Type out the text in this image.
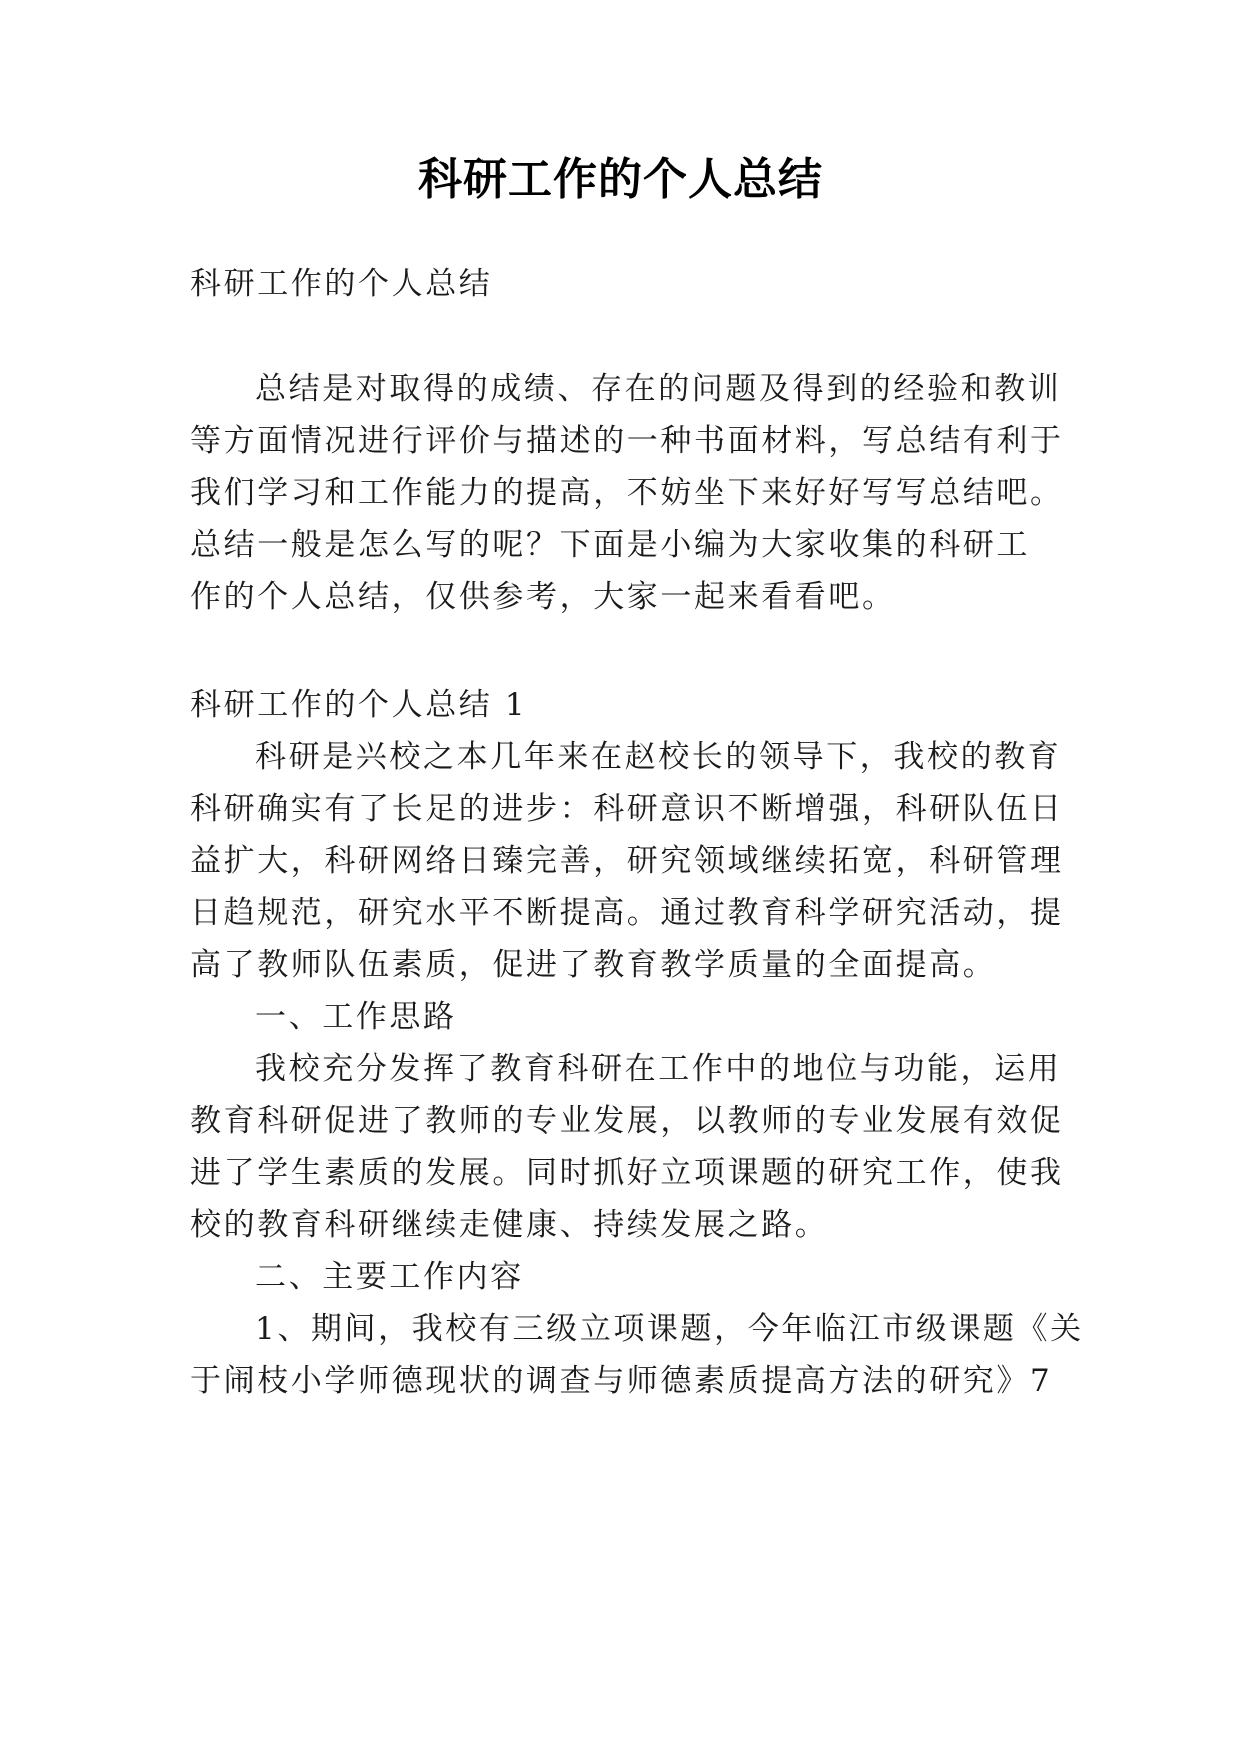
科研工作的个人总结
科研工作的个人总结
总结是对取得的成绩、存在的问题及得到的经验和教训
等方面情况进行评价与描述的一种书面材料，写总结有利于
我们学习和工作能力的提高，不妨坐下来好好写写总结吧。
总结一般是怎么写的呢？下面是小编为大家收集的科研工
作的个人总结，仅供参考，大家一起来看看吧。
科研工作的个人总结 1
科研是兴校之本几年来在赵校长的领导下，我校的教育
科研确实有了长足的进步：科研意识不断增强，科研队伍日
益扩大，科研网络日臻完善，研究领域继续拓宽，科研管理
日趋规范，研究水平不断提高。通过教育科学研究活动，提
高了教师队伍素质，促进了教育教学质量的全面提高。
一、工作思路
我校充分发挥了教育科研在工作中的地位与功能，运用
教育科研促进了教师的专业发展，以教师的专业发展有效促
进了学生素质的发展。同时抓好立项课题的研究工作，使我
校的教育科研继续走健康、持续发展之路。
二、主要工作内容
1、期间，我校有三级立项课题，今年临江市级课题《关
于闹枝小学师德现状的调查与师德素质提高方法的研究》7
